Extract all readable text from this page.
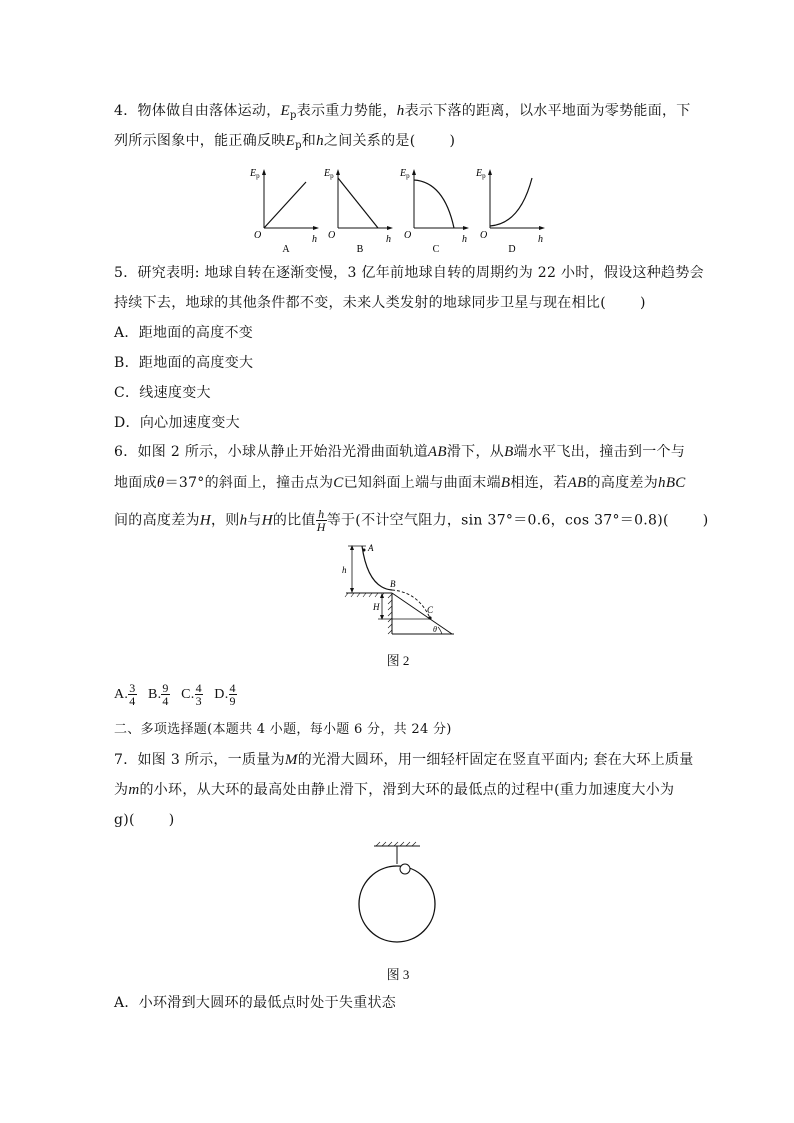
4．物体做自由落体运动，$E_p$表示重力势能，h表示下落的距离，以水平地面为零势能面，下
列所示图象中，能正确反映$E_p$和h之间关系的是( )
$E_p$
O	h
A
$E_p$
O	h
B
$E_p$
O	h
C
$E_p$
O	h
D
5．研究表明: 地球自转在逐渐变慢，3 亿年前地球自转的周期约为 22 小时，假设这种趋势会
持续下去，地球的其他条件都不变，未来人类发射的地球同步卫星与现在相比( )
A．距地面的高度不变
B．距地面的高度变大
C．线速度变大
D．向心加速度变大
6．如图 2 所示，小球从静止开始沿光滑曲面轨道AB滑下，从B端水平飞出，撞击到一个与
地面成θ＝37°的斜面上，撞击点为C已知斜面上端与曲面末端B相连，若AB的高度差为hBC
间的高度差为H，则h与H的比值 $\frac{h}{H}$ 等于(不计空气阻力，sin 37°＝0.6，cos 37°＝0.8)( )
h
A
B
C
H
θ
图 2
A. $\frac{3}{4} B$. $\frac{9}{4} C$. $\frac{4}{3} D$. $\frac{4}{9}$
二、多项选择题(本题共 4 小题，每小题 6 分，共 24 分)
7．如图 3 所示，一质量为M的光滑大圆环，用一细轻杆固定在竖直平面内; 套在大环上质量
为m的小环，从大环的最高处由静止滑下，滑到大环的最低点的过程中(重力加速度大小为
g)( )
图 3
A．小环滑到大圆环的最低点时处于失重状态
